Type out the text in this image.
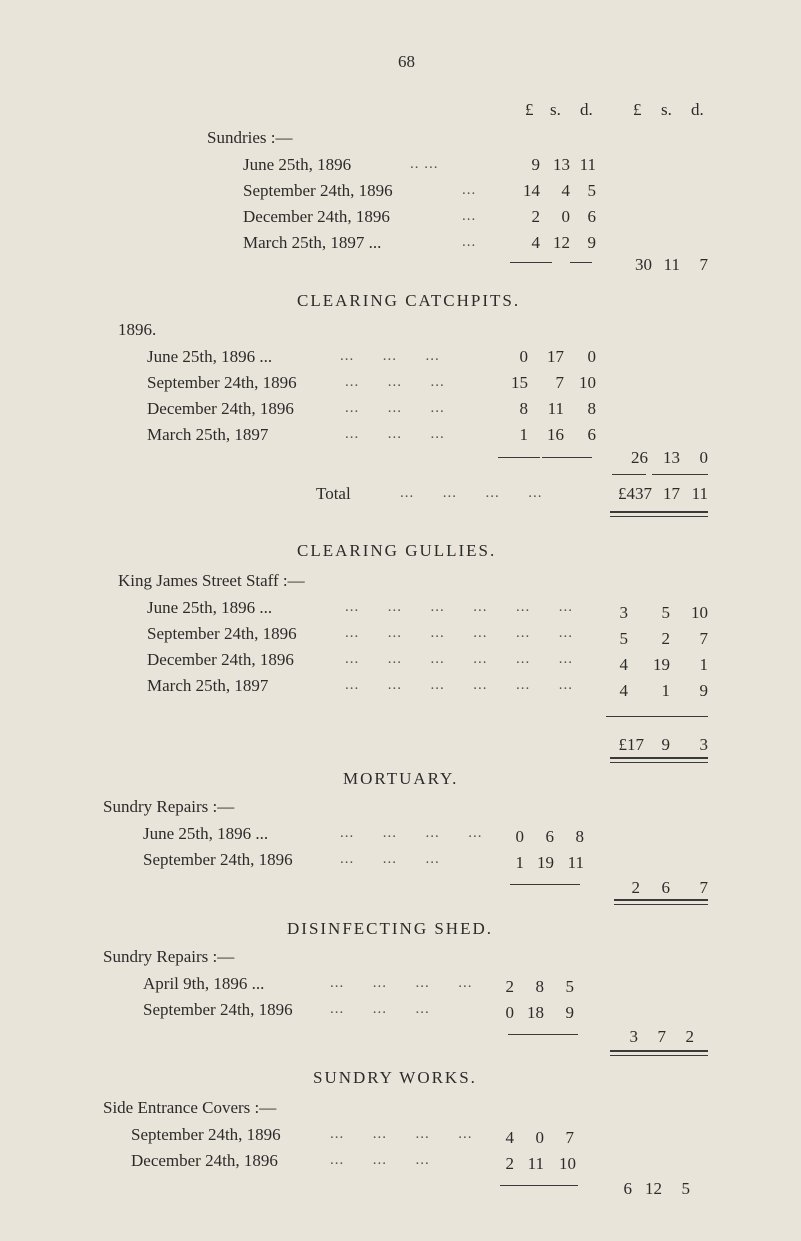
68
£ s. d. £ s. d.
Sundries :—
June 25th, 1896	.. ...	9 13 11
September 24th, 1896	...	14	4	5
December 24th, 1896	...	2	0	6
March 25th, 1897 ...	...	4 12	9
30 11	7
CLEARING CATCHPITS.
1896.
June 25th, 1896 ...	...      ...      ...	0	17	0
September 24th, 1896	...      ...      ...	15	7 10
December 24th, 1896	...      ...      ...	8	11	8
March 25th, 1897	...      ...      ...	1	16	6
26 13	0
Total	...      ...      ...      ...	£437 17 11
CLEARING GULLIES.
King James Street Staff :—
June 25th, 1896 ...	...      ...      ...      ...      ...      ...	3	5	10
September 24th, 1896	...      ...      ...      ...      ...      ...	5	2	7
December 24th, 1896	...      ...      ...      ...      ...      ...	4	19	1
March 25th, 1897	...      ...      ...      ...      ...      ...	4	1	9
£17	9	3
MORTUARY.
Sundry Repairs :—
June 25th, 1896 ...	...      ...      ...      ...	0	6	8
September 24th, 1896	...      ...      ...	1 19 11
2	6	7
DISINFECTING SHED.
Sundry Repairs :—
April 9th, 1896 ...	...      ...      ...      ...	2	8	5
September 24th, 1896 ...      ...      ...	0 18	9
3	7	2
SUNDRY WORKS.
Side Entrance Covers :—
September 24th, 1896	...      ...      ...      ...	4	0	7
December 24th, 1896	...      ...      ...	2 11 10
6 12	5
